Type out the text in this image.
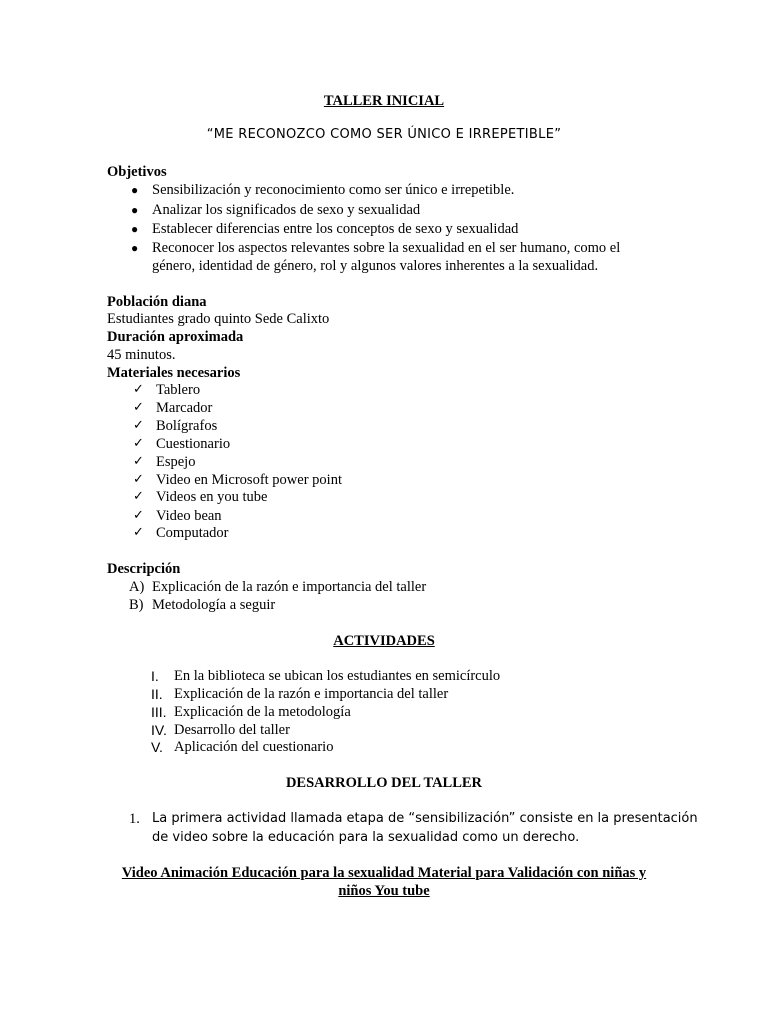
TALLER INICIAL
“ME RECONOZCO COMO SER ÚNICO E IRREPETIBLE”
Objetivos
● Sensibilización y reconocimiento como ser único e irrepetible.
● Analizar los significados de sexo y sexualidad
● Establecer diferencias entre los conceptos de sexo y sexualidad
● Reconocer los aspectos relevantes sobre la sexualidad en el ser humano, como el
género, identidad de género, rol y algunos valores inherentes a la sexualidad.
Población diana
Estudiantes grado quinto Sede Calixto
Duración aproximada
45 minutos.
Materiales necesarios
✓ Tablero
✓ Marcador
✓ Bolígrafos
✓ Cuestionario
✓ Espejo
✓ Video en Microsoft power point
✓ Videos en you tube
✓ Video bean
✓ Computador
Descripción
A) Explicación de la razón e importancia del taller
B) Metodología a seguir
ACTIVIDADES
I. En la biblioteca se ubican los estudiantes en semicírculo
II. Explicación de la razón e importancia del taller
III. Explicación de la metodología
IV. Desarrollo del taller
V. Aplicación del cuestionario
DESARROLLO DEL TALLER
1. La primera actividad llamada etapa de “sensibilización” consiste en la presentación
de video sobre la educación para la sexualidad como un derecho.
Video Animación Educación para la sexualidad Material para Validación con niñas y
niños You tube
